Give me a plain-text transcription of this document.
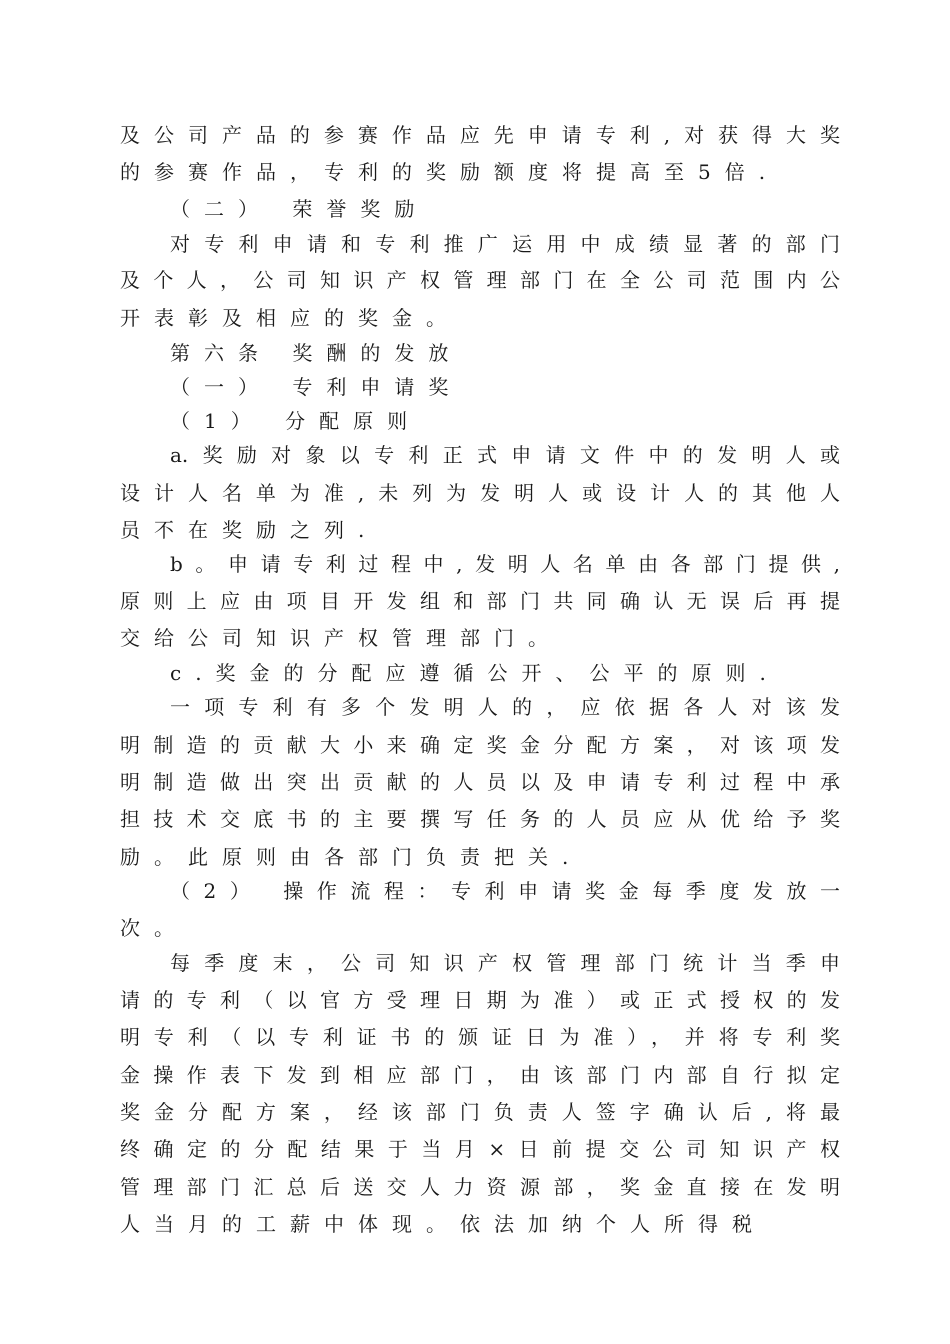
及公司产品的参赛作品应先申请专利,对获得大奖
的参赛作品，专利的奖励额度将提高至5倍.
（二） 荣誉奖励
对专利申请和专利推广运用中成绩显著的部门
及个人，公司知识产权管理部门在全公司范围内公
开表彰及相应的奖金。
第六条 奖酬的发放
（一） 专利申请奖
（1） 分配原则
a.奖励对象以专利正式申请文件中的发明人或
设计人名单为准,未列为发明人或设计人的其他人
员不在奖励之列.
b。申请专利过程中,发明人名单由各部门提供,
原则上应由项目开发组和部门共同确认无误后再提
交给公司知识产权管理部门。
c.奖金的分配应遵循公开、公平的原则.
一项专利有多个发明人的，应依据各人对该发
明制造的贡献大小来确定奖金分配方案，对该项发
明制造做出突出贡献的人员以及申请专利过程中承
担技术交底书的主要撰写任务的人员应从优给予奖
励。此原则由各部门负责把关.
（2） 操作流程：专利申请奖金每季度发放一
次。
每季度末，公司知识产权管理部门统计当季申
请的专利（以官方受理日期为准）或正式授权的发
明专利（以专利证书的颁证日为准），并将专利奖
金操作表下发到相应部门，由该部门内部自行拟定
奖金分配方案，经该部门负责人签字确认后,将最
终确定的分配结果于当月×日前提交公司知识产权
管理部门汇总后送交人力资源部，奖金直接在发明
人当月的工薪中体现。依法加纳个人所得税
